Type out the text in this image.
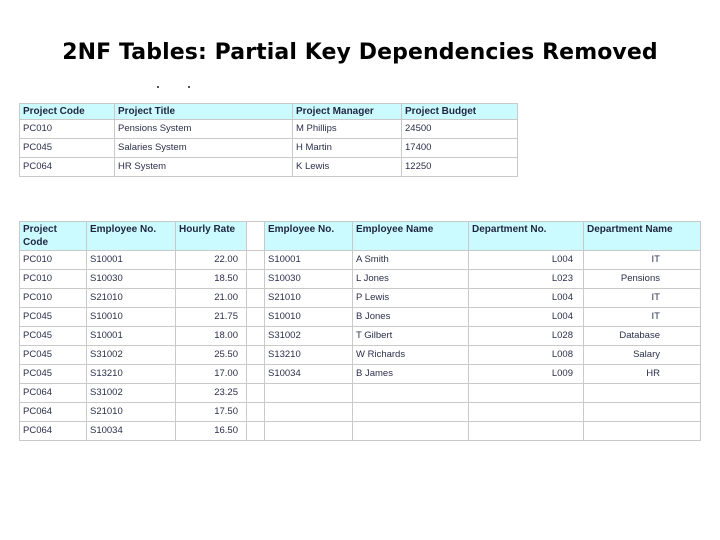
2NF Tables: Partial Key Dependencies Removed
Project Code	Project Title	Project Manager	Project Budget
PC010	Pensions System	M Phillips	24500
PC045	Salaries System	H Martin	17400
PC064	HR System	K Lewis	12250
Project Code	Employee No.	Hourly Rate		Employee No.	Employee Name	Department No.	Department Name
PC010	S10001	22.00		S10001	A Smith	L004	IT
PC010	S10030	18.50		S10030	L Jones	L023	Pensions
PC010	S21010	21.00		S21010	P Lewis	L004	IT
PC045	S10010	21.75		S10010	B Jones	L004	IT
PC045	S10001	18.00		S31002	T Gilbert	L028	Database
PC045	S31002	25.50		S13210	W Richards	L008	Salary
PC045	S13210	17.00		S10034	B James	L009	HR
PC064	S31002	23.25					
PC064	S21010	17.50					
PC064	S10034	16.50					
